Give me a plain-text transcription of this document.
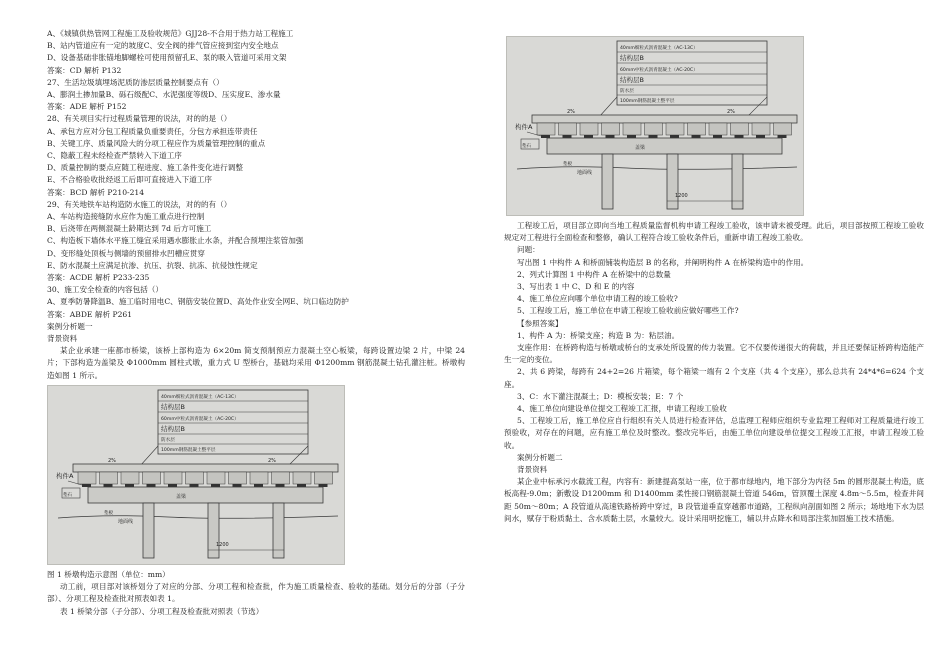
A、《城镇供热管网工程施工及验收规范》GJJ28-不合用于热力站工程施工
B、站内管道应有一定的坡度C、安全阀的排气管应接到室内安全地点
D、设备基础非胀锚地脚螺栓可使用预留孔E、泵的吸入管道可采用文架
答案：CD 解析 P132
27、生活垃圾填埋场泥质防渗层质量控制要点有（）
A、膨润土掺加量B、砾石级配C、水泥强度等级D、压实度E、渗水量
答案：ADE 解析 P152
28、有关项目实行过程质量管理的说法，对的的是（）
A、承包方应对分包工程质量负重要责任，分包方承担连带责任
B、关键工序、质量风险大的分项工程应作为质量管理控制的重点
C、隐蔽工程未经检查严禁转入下道工序
D、质量控制的要点应随工程进度、施工条件变化进行调整
E、不合格验收批经返工后即可直接进入下道工序
答案：BCD 解析 P210-214
29、有关地铁车站构造防水施工的说法，对的的有（）
A、车站构造接缝防水应作为施工重点进行控制
B、后浇带在两侧混凝土龄期达到 7d 后方可施工
C、构造板下墙体水平施工缝宜采用遇水膨胀止水条，并配合预埋注浆管加强
D、变形缝处顶板与侧墙的预留排水凹槽应贯穿
E、防水混凝土应满足抗渗、抗压、抗裂、抗冻、抗侵蚀性规定
答案：ACDE 解析 P233-235
30、施工安全检查的内容包括（）
A、夏季防暑降温B、施工临时用电C、钢筋安装位置D、高处作业安全网E、坑口临边防护
答案：ABDE 解析 P261
案例分析题一
背景资料
某企业承建一座都市桥梁，该桥上部构造为 6×20m 简支预制预应力混凝土空心板梁，每跨设置边梁 2 片，中梁 24 片；下部构造为盖梁及 Φ1000mm 圆柱式墩，重力式 U 型桥台，基础均采用 Φ1200mm 钢筋混凝土钻孔灌注桩。桥墩构造如图 1 所示。
40mm细粒式沥青混凝土（AC-13C）
结构层B
60mm中粒式沥青混凝土（AC-20C）
结构层B
防水层
100mm钢筋混凝土整平层
2%	2%
盖梁
构件A
垫石
垫板
地面线
1200
图 1 桥墩构造示意图（单位：mm）
动工前，项目部对该桥划分了对应的分部、分项工程和检查批，作为施工质量检查、验收的基础。划分后的分部（子分部）、分项工程及检查批对照表如表 1。
表 1 桥梁分部（子分部）、分项工程及检查批对照表（节选）
40mm细粒式沥青混凝土（AC-13C）
结构层B
60mm中粒式沥青混凝土（AC-20C）
结构层B
防水层
100mm钢筋混凝土整平层
2%	2%
盖梁
构件A
垫石
垫板
地面线
1200
工程竣工后，项目部立即向当地工程质量监督机构申请工程竣工验收，该申请未被受理。此后，项目部按照工程竣工验收规定对工程进行全面检查和整修，确认工程符合竣工验收条件后，重新申请工程竣工验收。
问题：
写出图 1 中构件 A 和桥面铺装构造层 B 的名称，并阐明构件 A 在桥梁构造中的作用。
2、列式计算图 1 中构件 A 在桥梁中的总数量
3、写出表 1 中 C、D 和 E 的内容
4、施工单位应向哪个单位申请工程的竣工验收?
5、工程竣工后，施工单位在申请工程竣工验收前应做好哪些工作?
【参照答案】
1、构件 A 为：桥梁支座；构造 B 为：粘层油。
支座作用：在桥跨构造与桥墩或桥台的支承处所设置的传力装置。它不仅要传递很大的荷载，并且还要保证桥跨构造能产生一定的变位。
2、共 6 跨梁，每跨有 24+2=26 片箱梁，每个箱梁一端有 2 个支座（共 4 个支座），那么总共有 24*4*6=624 个支座。
3、C：水下灌注混凝土；D：模板安装；E：7 个
4、施工单位向建设单位提交工程竣工汇报，申请工程竣工验收
5、工程竣工后，施工单位应自行组织有关人员进行检查评估，总监理工程师应组织专业监理工程师对工程质量进行竣工预验收，对存在的问题，应有施工单位及时整改。整改完毕后，由施工单位向建设单位提交工程竣工汇报，申请工程竣工验收。
案例分析题二
背景资料
某企业中标承污水截流工程，内容有：新建提高泵站一座，位于都市绿地内，地下部分为内径 5m 的圆形混凝土构造，底板高程-9.0m；新敷设 D1200mm 和 D1400mm 柔性接口钢筋混凝土管道 546m，管顶覆土深度 4.8m～5.5m，检查井间距 50m～80m；A 段管道从高速铁路桥跨中穿过，B 段管道垂直穿越都市道路，工程纵向剖面如图 2 所示；场地地下水为层间水，赋存于粉质黏土、含水质黏土层，水量较大。设计采用明挖施工，辅以井点降水和局部注浆加固施工技术措施。
